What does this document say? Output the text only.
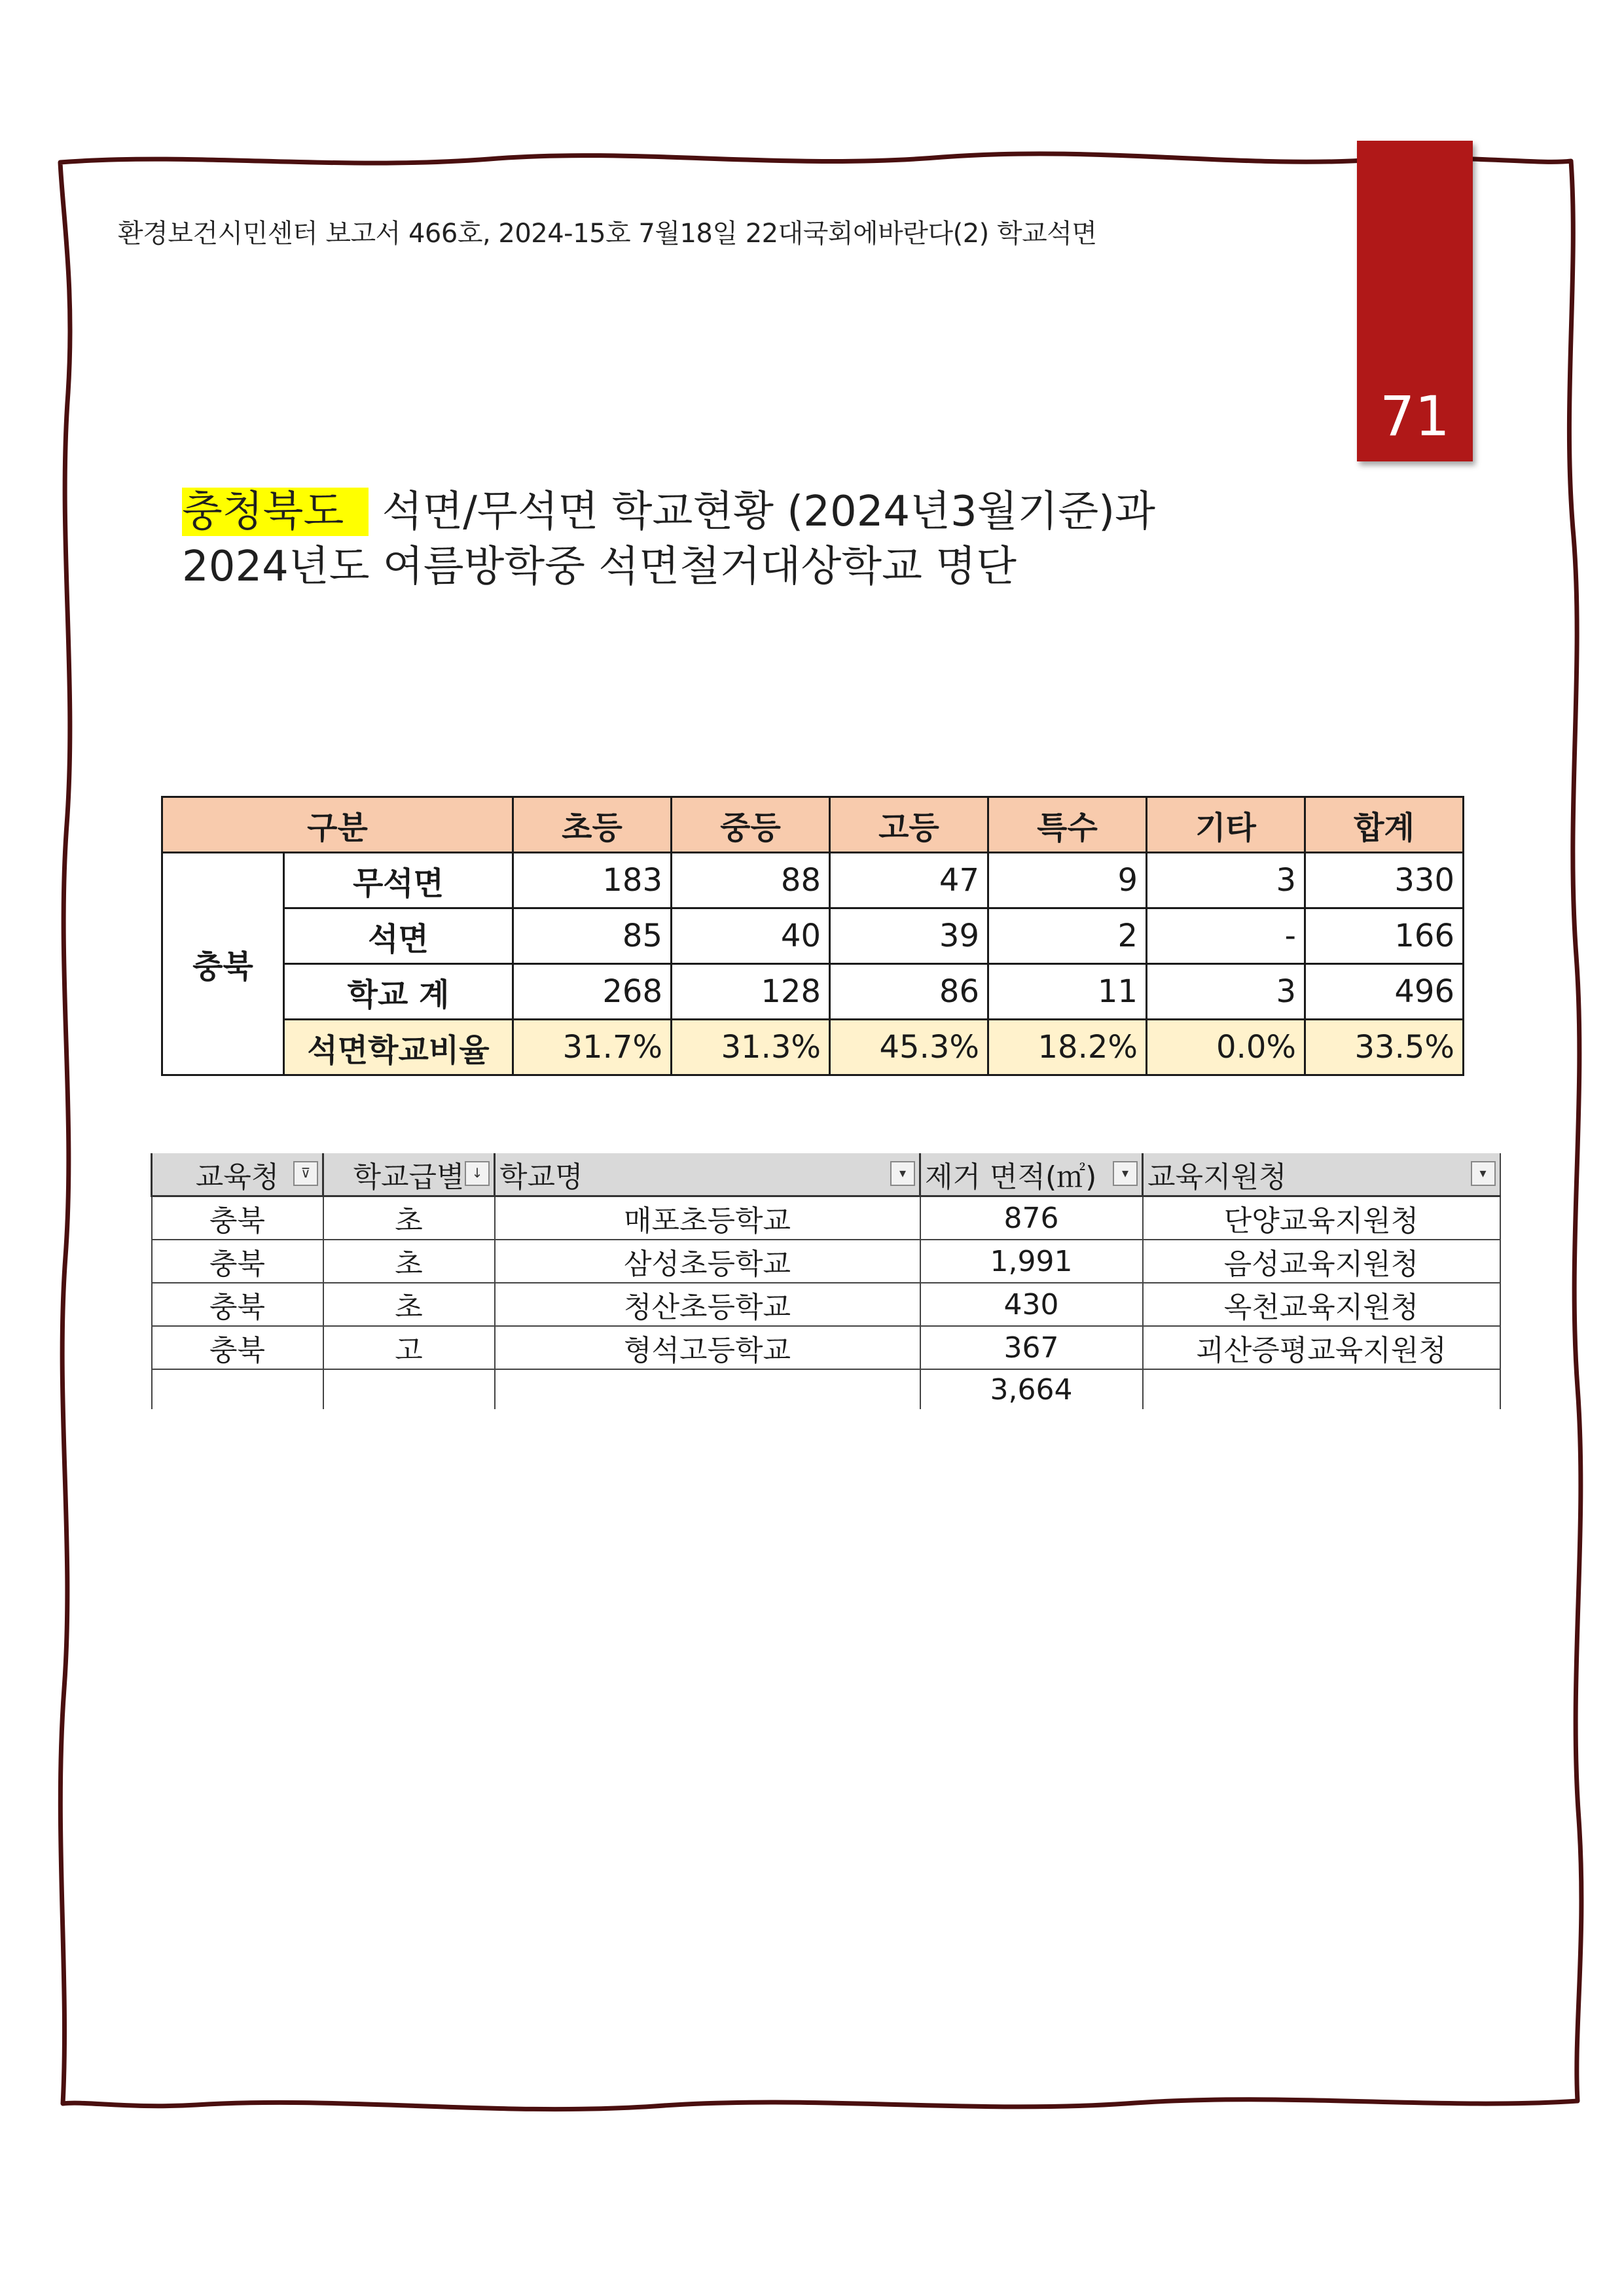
환경보건시민센터 보고서 466호, 2024-15호 7월18일 22대국회에바란다(2) 학교석면
71
충청북도 석면/무석면 학교현황 (2024년3월기준)과
2024년도 여름방학중 석면철거대상학교 명단
구분		초등	중등	고등	특수	기타	합계
충북	무석면	183	88	47	9	3	330
	석면	85	40	39	2	-	166
	학교 계	268	128	86	11	3	496
	석면학교비율	31.7%	31.3%	45.3%	18.2%	0.0%	33.5%
교육청 ⊽	학교급별 ↓	학교명 ▾	제거 면적(㎡) ▾	교육지원청 ▾

충북	초	매포초등학교	876	단양교육지원청
충북	초	삼성초등학교	1,991	음성교육지원청
충북	초	청산초등학교	430	옥천교육지원청
충북	고	형석고등학교	367	괴산증평교육지원청
			3,664	
